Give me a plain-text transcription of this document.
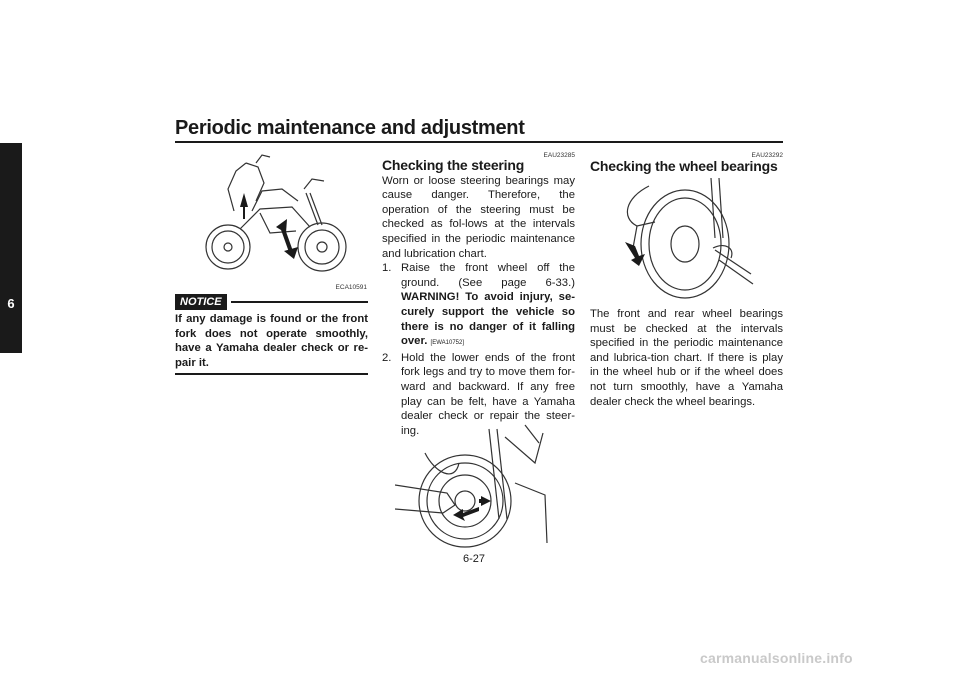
Periodic maintenance and adjustment
6
ECA10591
NOTICE

If any damage is found or the front fork does not operate smoothly, have a Yamaha dealer check or re-pair it.

EAU23285
Checking the steering

Worn or loose steering bearings may cause danger. Therefore, the operation of the steering must be checked as fol-lows at the intervals specified in the periodic maintenance and lubrication chart.

1. Raise the front wheel off the ground. (See page 6-33.) WARNING! To avoid injury, se-curely support the vehicle so there is no danger of it falling over. [EWA10752]
2. Hold the lower ends of the front fork legs and try to move them for-ward and backward. If any free play can be felt, have a Yamaha dealer check or repair the steer-ing.
EAU23292
Checking the wheel bearings

The front and rear wheel bearings must be checked at the intervals specified in the periodic maintenance and lubrica-tion chart. If there is play in the wheel hub or if the wheel does not turn smoothly, have a Yamaha dealer check the wheel bearings.

6-27
carmanualsonline.info
